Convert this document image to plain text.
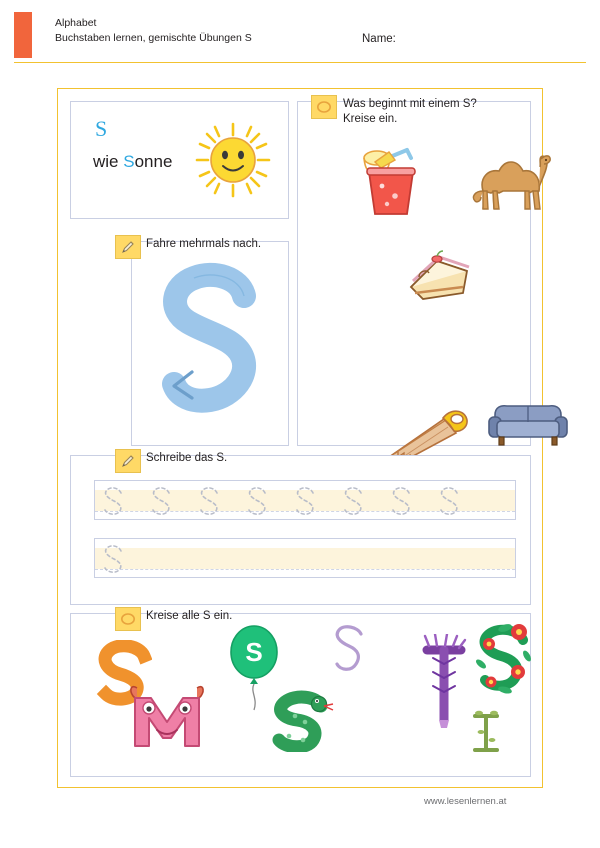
Alphabet
Buchstaben lernen, gemischte Übungen S	Name:
S
wie Sonne
Was beginnt mit einem S?
Kreise ein.
Fahre mehrmals nach.
Schreibe das S.
S
Kreise alle S ein.
www.lesenlernen.at
